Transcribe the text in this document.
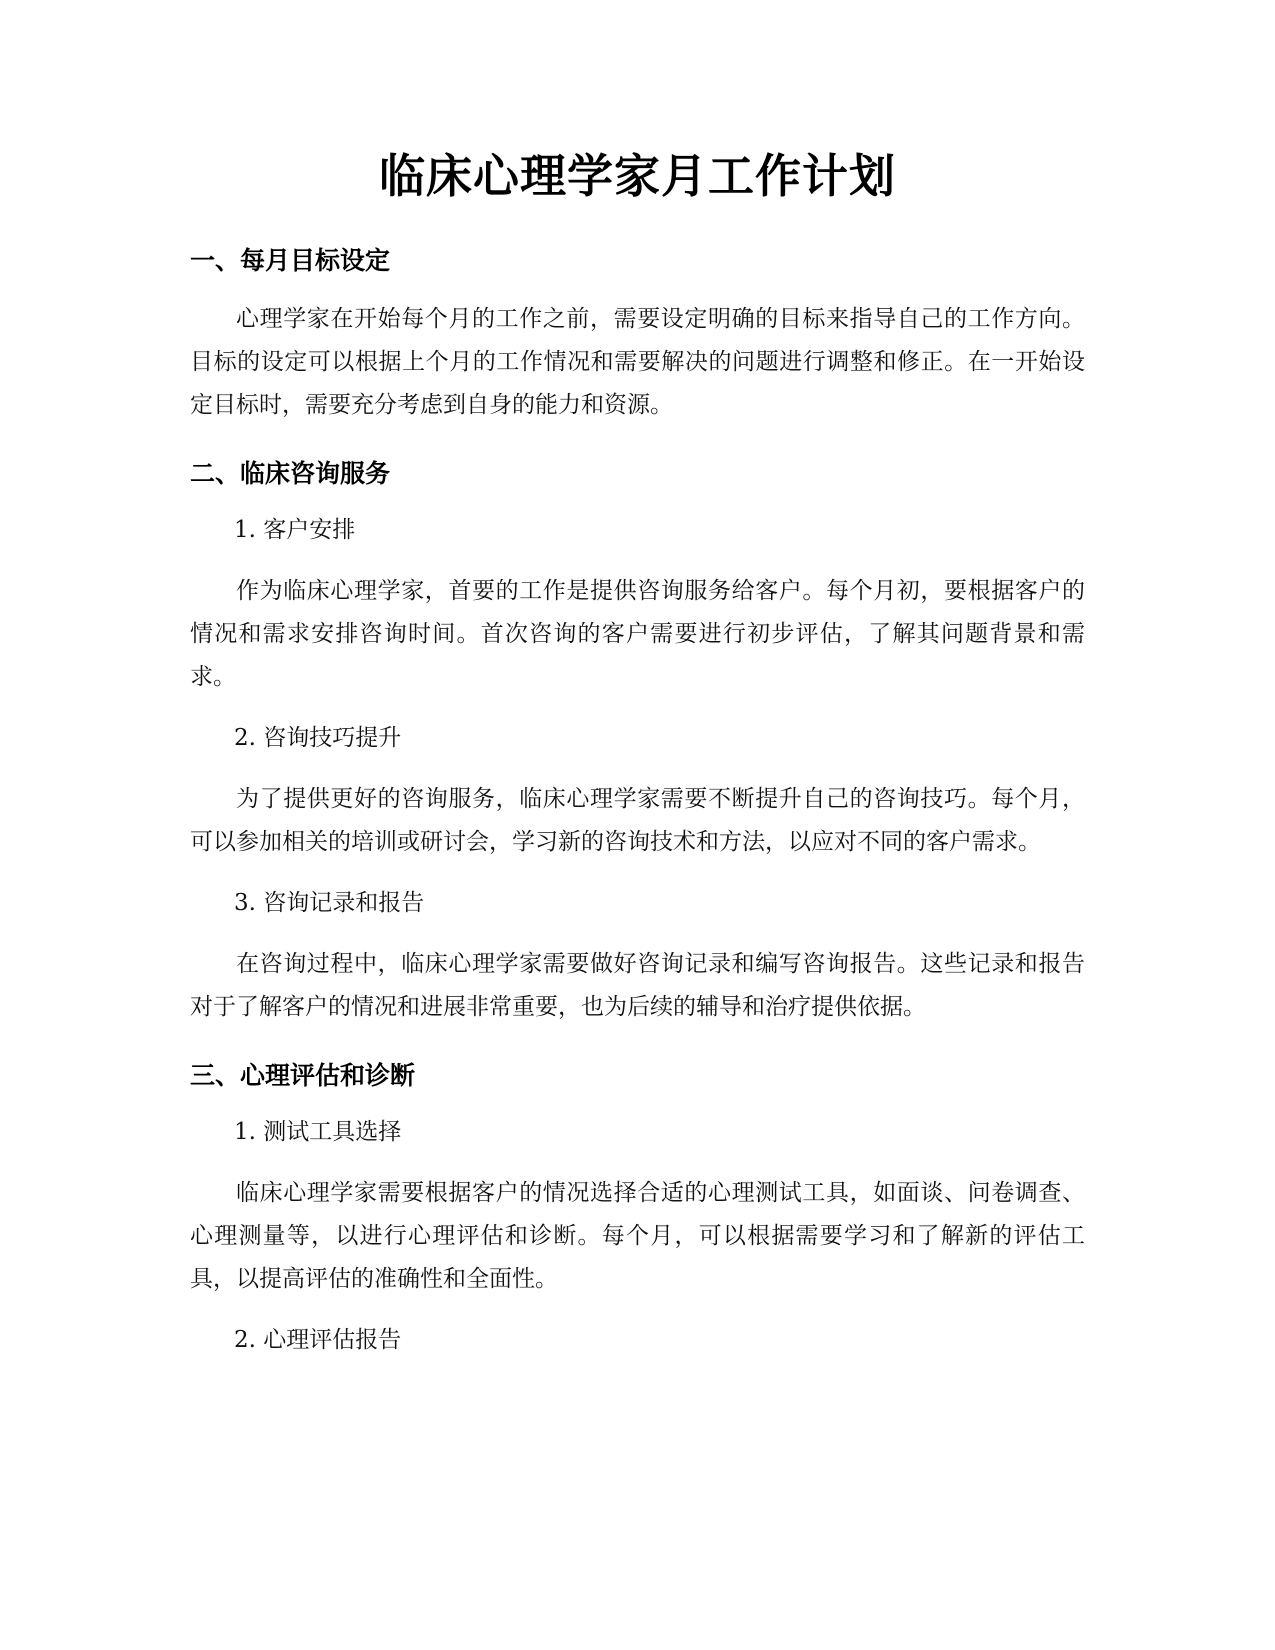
临床心理学家月工作计划
一、每月目标设定

心理学家在开始每个月的工作之前，需要设定明确的目标来指导自己的工作方向。目标的设定可以根据上个月的工作情况和需要解决的问题进行调整和修正。在一开始设定目标时，需要充分考虑到自身的能力和资源。

二、临床咨询服务

1. 客户安排

作为临床心理学家，首要的工作是提供咨询服务给客户。每个月初，要根据客户的情况和需求安排咨询时间。首次咨询的客户需要进行初步评估，了解其问题背景和需求。

2. 咨询技巧提升

为了提供更好的咨询服务，临床心理学家需要不断提升自己的咨询技巧。每个月，可以参加相关的培训或研讨会，学习新的咨询技术和方法，以应对不同的客户需求。

3. 咨询记录和报告

在咨询过程中，临床心理学家需要做好咨询记录和编写咨询报告。这些记录和报告对于了解客户的情况和进展非常重要，也为后续的辅导和治疗提供依据。

三、心理评估和诊断

1. 测试工具选择

临床心理学家需要根据客户的情况选择合适的心理测试工具，如面谈、问卷调查、心理测量等，以进行心理评估和诊断。每个月，可以根据需要学习和了解新的评估工具，以提高评估的准确性和全面性。

2. 心理评估报告
